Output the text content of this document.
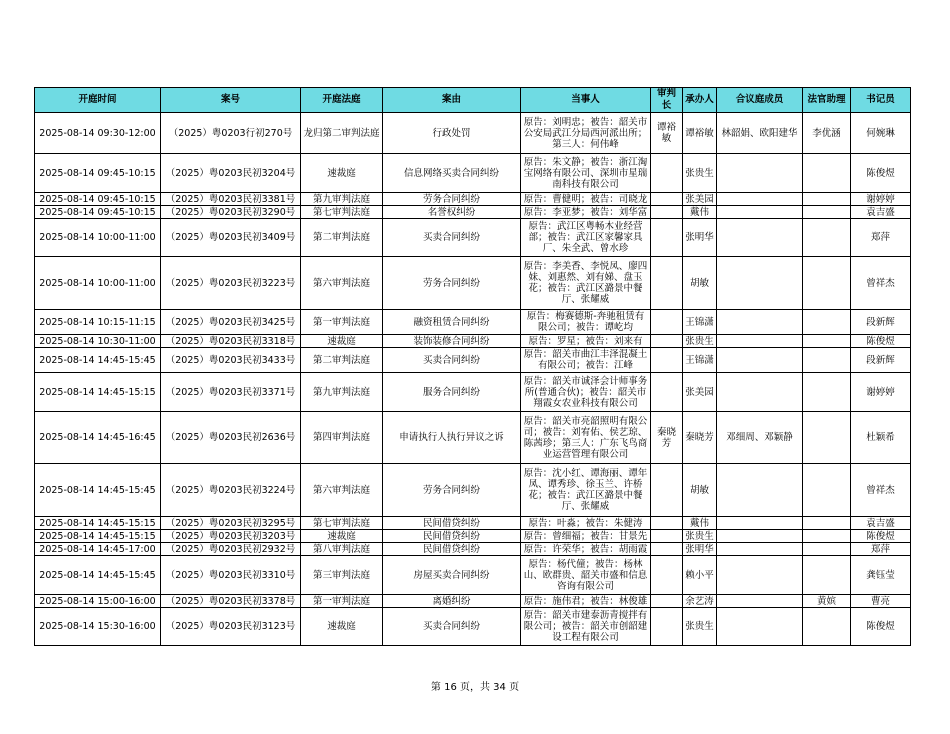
开庭时间	案号	开庭法庭	案由	当事人	审判长	承办人	合议庭成员	法官助理	书记员
2025-08-14 09:30-12:00	（2025）粤0203行初270号	龙归第二审判法庭	行政处罚	原告：刘明忠；被告：韶关市公安局武江分局西河派出所；第三人：何伟峰	谭裕敏	谭裕敏	林韶娟、欧阳建华	李优涵	何婉琳
2025-08-14 09:45-10:15	（2025）粤0203民初3204号	速裁庭	信息网络买卖合同纠纷	原告：朱文静；被告：浙江淘宝网络有限公司、深圳市星瑞南科技有限公司		张贵生			陈俊煜
2025-08-14 09:45-10:15	（2025）粤0203民初3381号	第九审判法庭	劳务合同纠纷	原告：曹健明；被告：司晓龙		张美园			谢婷婷
2025-08-14 09:45-10:15	（2025）粤0203民初3290号	第七审判法庭	名誉权纠纷	原告：李亚梦；被告：刘华富		戴伟			袁吉盛
2025-08-14 10:00-11:00	（2025）粤0203民初3409号	第二审判法庭	买卖合同纠纷	原告：武江区粤畅木业经营部；被告：武江区家馨家具厂、朱全武、曾水珍		张明华			郑萍
2025-08-14 10:00-11:00	（2025）粤0203民初3223号	第六审判法庭	劳务合同纠纷	原告：李美香、李悦凤、廖四妹、刘惠然、刘有娣、盘玉花；被告：武江区潞景中餐厅、张耀威		胡敏			曾祥杰
2025-08-14 10:15-11:15	（2025）粤0203民初3425号	第一审判法庭	融资租赁合同纠纷	原告：梅赛德斯-奔驰租赁有限公司；被告：谭屹均		王锦潇			段新辉
2025-08-14 10:30-11:00	（2025）粤0203民初3318号	速裁庭	装饰装修合同纠纷	原告：罗星；被告：刘来有		张贵生			陈俊煜
2025-08-14 14:45-15:45	（2025）粤0203民初3433号	第二审判法庭	买卖合同纠纷	原告：韶关市曲江丰泽混凝土有限公司；被告：江峰		王锦潇			段新辉
2025-08-14 14:45-15:15	（2025）粤0203民初3371号	第九审判法庭	服务合同纠纷	原告：韶关市诚泽会计师事务所(普通合伙)；被告：韶关市翔霞女农业科技有限公司		张美园			谢婷婷
2025-08-14 14:45-16:45	（2025）粤0203民初2636号	第四审判法庭	申请执行人执行异议之诉	原告：韶关市亮韶照明有限公司；被告：刘宥佑、侯艺琼、陈茜珍；第三人：广东飞鸟商业运营管理有限公司	秦晓芳	秦晓芳	邓细周、邓颖静		杜颖希
2025-08-14 14:45-15:45	（2025）粤0203民初3224号	第六审判法庭	劳务合同纠纷	原告：沈小红、谭海丽、谭年凤、谭秀珍、徐玉兰、许桥花；被告：武江区潞景中餐厅、张耀威		胡敏			曾祥杰
2025-08-14 14:45-15:15	（2025）粤0203民初3295号	第七审判法庭	民间借贷纠纷	原告：叶淼；被告：朱健涛		戴伟			袁吉盛
2025-08-14 14:45-15:15	（2025）粤0203民初3203号	速裁庭	民间借贷纠纷	原告：曾细福；被告：甘景先		张贵生			陈俊煜
2025-08-14 14:45-17:00	（2025）粤0203民初2932号	第八审判法庭	民间借贷纠纷	原告：许荣华；被告：胡雨霞		张明华			郑萍
2025-08-14 14:45-15:45	（2025）粤0203民初3310号	第三审判法庭	房屋买卖合同纠纷	原告：杨代僮；被告：杨林山、欧群贵、韶关市盛和信息咨询有限公司		赖小平			龚钰莹
2025-08-14 15:00-16:00	（2025）粤0203民初3378号	第一审判法庭	离婚纠纷	原告：施伟君；被告：林俊雄		余艺涛		黄嫔	曹亮
2025-08-14 15:30-16:00	（2025）粤0203民初3123号	速裁庭	买卖合同纠纷	原告：韶关市建泰沥青搅拌有限公司；被告：韶关市创韶建设工程有限公司		张贵生			陈俊煜
第 16 页，共 34 页
